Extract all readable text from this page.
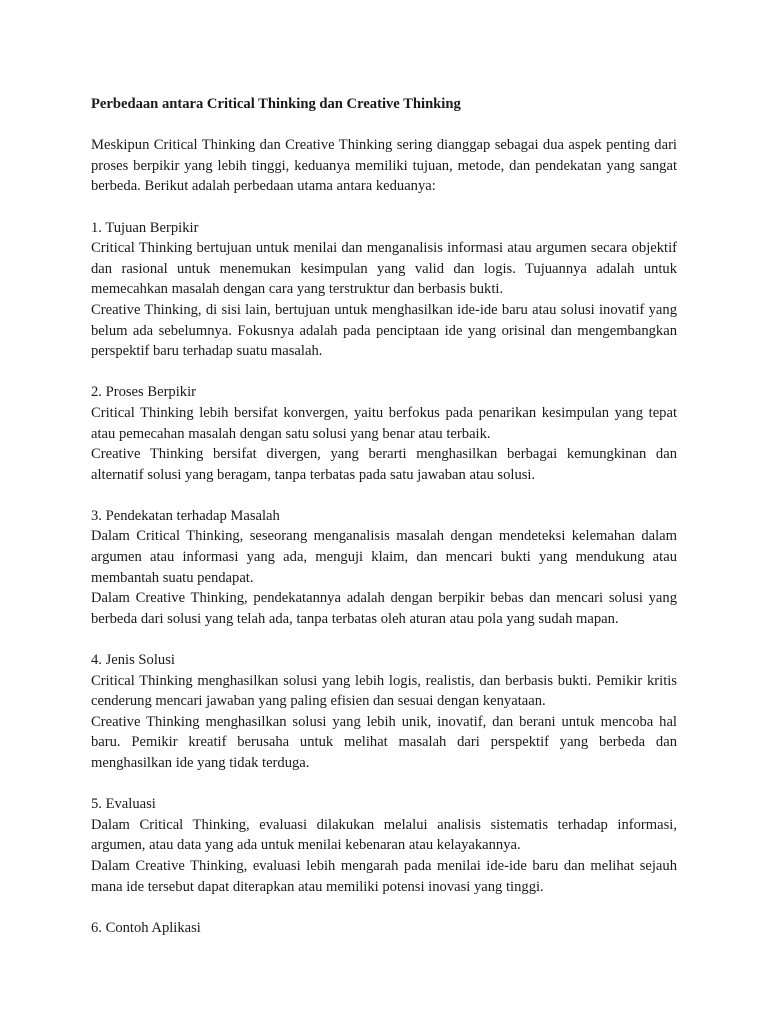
Perbedaan antara Critical Thinking dan Creative Thinking

Meskipun Critical Thinking dan Creative Thinking sering dianggap sebagai dua aspek penting dari proses berpikir yang lebih tinggi, keduanya memiliki tujuan, metode, dan pendekatan yang sangat berbeda. Berikut adalah perbedaan utama antara keduanya:

1. Tujuan Berpikir

Critical Thinking bertujuan untuk menilai dan menganalisis informasi atau argumen secara objektif dan rasional untuk menemukan kesimpulan yang valid dan logis. Tujuannya adalah untuk memecahkan masalah dengan cara yang terstruktur dan berbasis bukti.

Creative Thinking, di sisi lain, bertujuan untuk menghasilkan ide-ide baru atau solusi inovatif yang belum ada sebelumnya. Fokusnya adalah pada penciptaan ide yang orisinal dan mengembangkan perspektif baru terhadap suatu masalah.

2. Proses Berpikir

Critical Thinking lebih bersifat konvergen, yaitu berfokus pada penarikan kesimpulan yang tepat atau pemecahan masalah dengan satu solusi yang benar atau terbaik.

Creative Thinking bersifat divergen, yang berarti menghasilkan berbagai kemungkinan dan alternatif solusi yang beragam, tanpa terbatas pada satu jawaban atau solusi.

3. Pendekatan terhadap Masalah

Dalam Critical Thinking, seseorang menganalisis masalah dengan mendeteksi kelemahan dalam argumen atau informasi yang ada, menguji klaim, dan mencari bukti yang mendukung atau membantah suatu pendapat.

Dalam Creative Thinking, pendekatannya adalah dengan berpikir bebas dan mencari solusi yang berbeda dari solusi yang telah ada, tanpa terbatas oleh aturan atau pola yang sudah mapan.

4. Jenis Solusi

Critical Thinking menghasilkan solusi yang lebih logis, realistis, dan berbasis bukti. Pemikir kritis cenderung mencari jawaban yang paling efisien dan sesuai dengan kenyataan.

Creative Thinking menghasilkan solusi yang lebih unik, inovatif, dan berani untuk mencoba hal baru. Pemikir kreatif berusaha untuk melihat masalah dari perspektif yang berbeda dan menghasilkan ide yang tidak terduga.

5. Evaluasi

Dalam Critical Thinking, evaluasi dilakukan melalui analisis sistematis terhadap informasi, argumen, atau data yang ada untuk menilai kebenaran atau kelayakannya.

Dalam Creative Thinking, evaluasi lebih mengarah pada menilai ide-ide baru dan melihat sejauh mana ide tersebut dapat diterapkan atau memiliki potensi inovasi yang tinggi.

6. Contoh Aplikasi
